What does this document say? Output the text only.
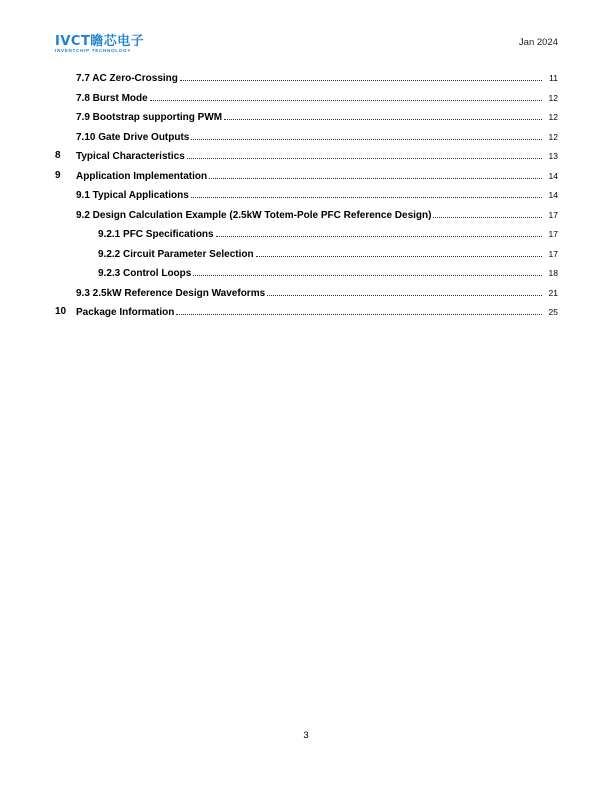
IVCT瞻芯电子
INVENTCHIP TECHNOLOGY
Jan 2024
7.7 AC Zero-Crossing	11
7.8 Burst Mode	12
7.9 Bootstrap supporting PWM	12
7.10 Gate Drive Outputs	12
8 Typical Characteristics	13
9 Application Implementation	14
9.1 Typical Applications	14
9.2 Design Calculation Example (2.5kW Totem-Pole PFC Reference Design)	17
9.2.1 PFC Specifications	17
9.2.2 Circuit Parameter Selection	17
9.2.3 Control Loops	18
9.3 2.5kW Reference Design Waveforms	21
10 Package Information	25
3
